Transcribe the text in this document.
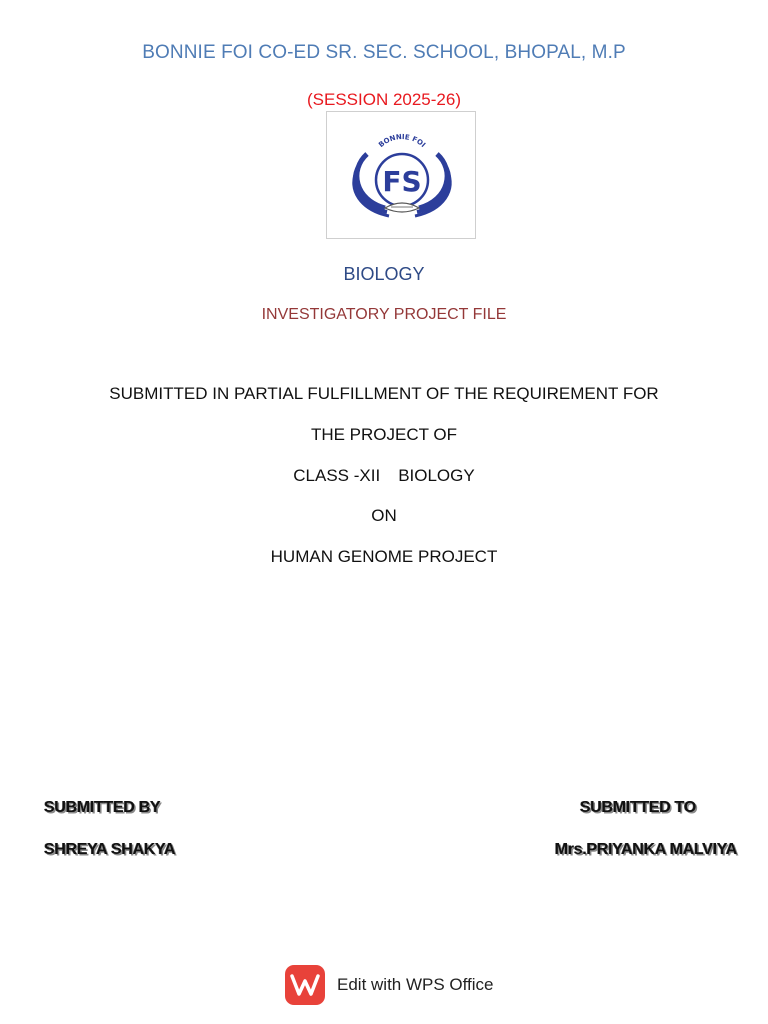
BONNIE FOI CO-ED SR. SEC. SCHOOL, BHOPAL, M.P
(SESSION 2025-26)
BONNIE FOI
FS
BIOLOGY
INVESTIGATORY PROJECT FILE
SUBMITTED IN PARTIAL FULFILLMENT OF THE REQUIREMENT FOR
THE PROJECT OF
CLASS -XII BIOLOGY
ON
HUMAN GENOME PROJECT
SUBMITTED BY
SHREYA SHAKYA
SUBMITTED TO
Mrs.PRIYANKA MALVIYA
Edit with WPS Office
